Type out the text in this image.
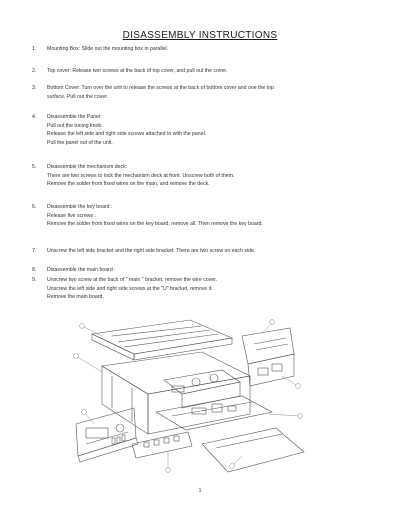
DISASSEMBLY INSTRUCTIONS
1. Mounting Box: Slide out the mounting box in parallel.
2. Top cover: Release two screws at the back of top cover, and pull out the cover.
3. Bottom Cover: Turn over the unit to release the screws at the back of bottom cover and one the top
surface. Pull out the cover.
4. Disassemble the Panel:
Pull out the tuning knob.
Release the left side and right side screws attached to with the panel.
Pull the panel out of the unit.
5. Disassemble the mechanism deck:
There are two screws to lock the mechanism deck at front. Unscrew both of them.
Remove the solder from fixed wires on the main, and remove the deck.
6. Disassemble the key board :
Release five screws .
Remove the solder from fixed wires on the key board, remove all. Then remove the key board.
7. Unscrew the left side bracket and the right side bracket. There are two screw on each side.
8. Disassemble the main board :
9. Unscrew two screw at the back of " main " bracket, remove the wire cover.
Unscrew the left side and right side screws at the "U" bracket, remove it.
Remove the main board.
1
